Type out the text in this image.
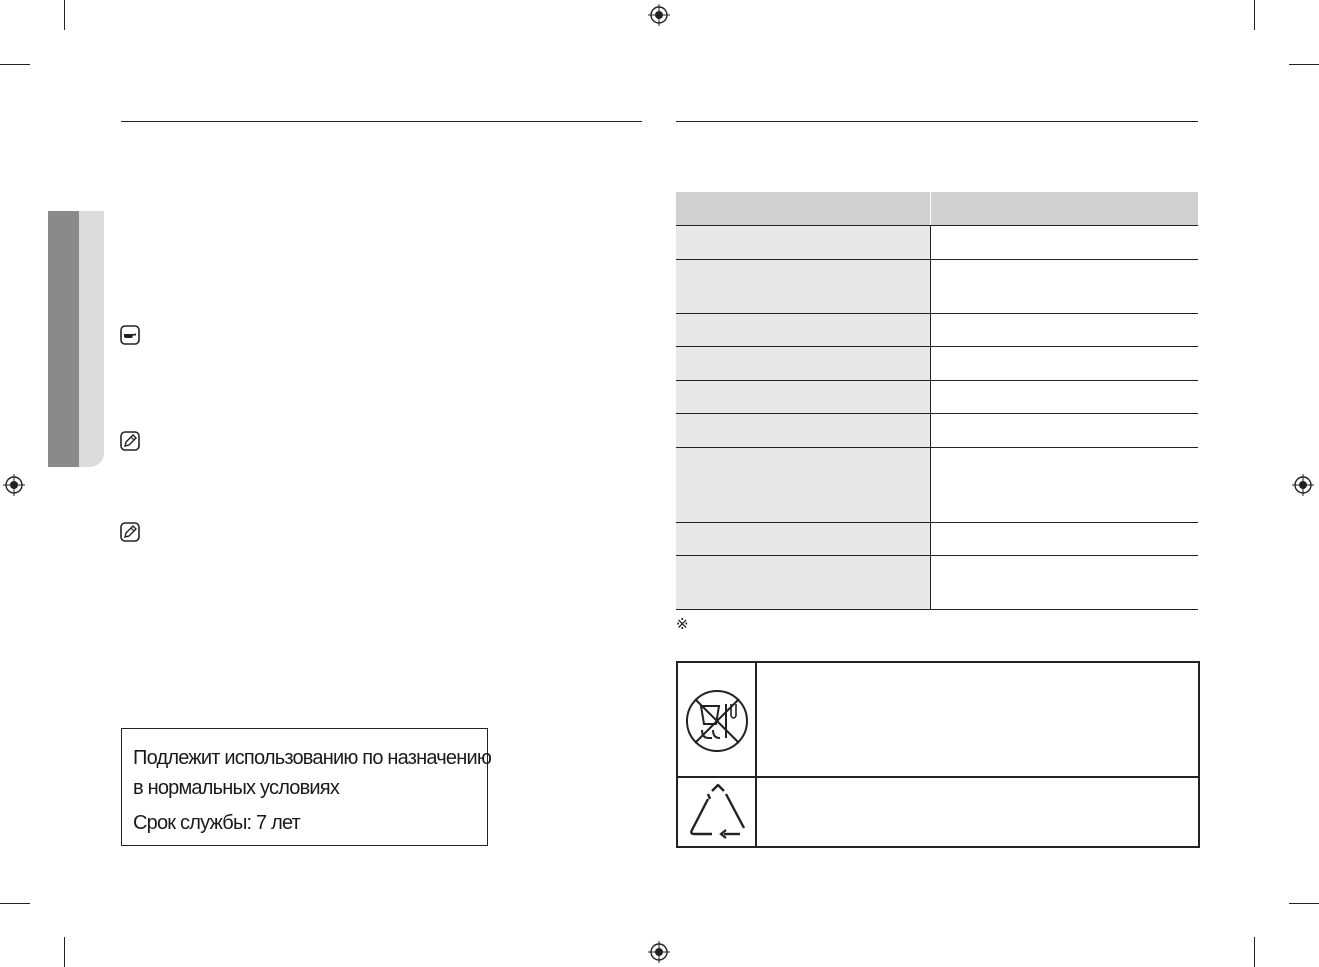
Подлежит использованию по назначению
в нормальных условиях
Срок службы: 7 лет

※
